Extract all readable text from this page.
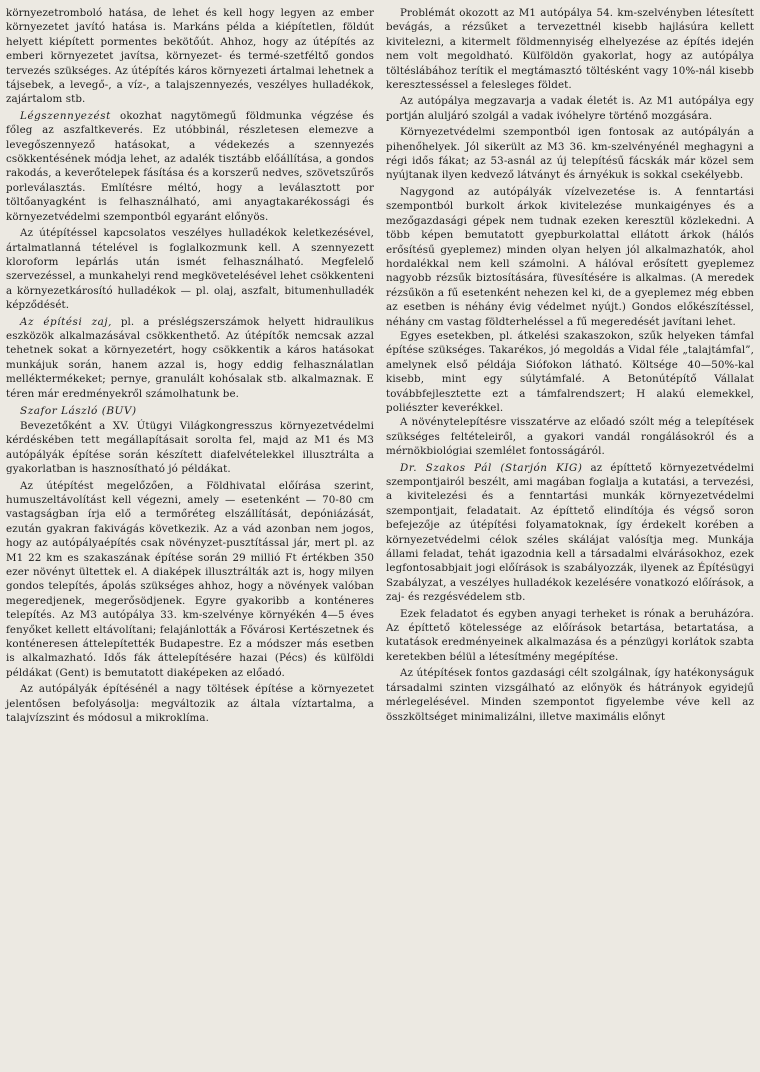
környezetromboló hatása, de lehet és kell hogy legyen az ember környezetet javító hatása is. Markáns példa a kiépítetlen, földút helyett kiépített pormentes bekötőút. Ahhoz, hogy az útépítés az emberi környezetet javítsa, környezet- és termé-szetféltő gondos tervezés szükséges. Az útépítés káros környezeti ártalmai lehetnek a tájsebek, a levegő-, a víz-, a talajszennyezés, veszélyes hulladékok, zajártalom stb.

Légszennyezést okozhat nagytömegű földmunka végzése és főleg az aszfaltkeverés. Ez utóbbinál, részletesen elemezve a levegőszennyező hatásokat, a védekezés a szennyezés csökkentésének módja lehet, az adalék tisztább előállítása, a gondos rakodás, a keverőtelepek fásítása és a korszerű nedves, szövetszűrős porleválasztás. Említésre méltó, hogy a leválasztott por töltőanyagként is felhasználható, ami anyagtakarékossági és környezetvédelmi szempontból egyaránt előnyös.

Az útépítéssel kapcsolatos veszélyes hulladékok keletkezésével, ártalmatlanná tételével is foglalkozmunk kell. A szennyezett kloroform lepárlás után ismét felhasználható. Megfelelő szervezéssel, a munkahelyi rend megkövetelésével lehet csökkenteni a környezetkárosító hulladékok — pl. olaj, aszfalt, bitumenhulladék képződését.

Az építési zaj, pl. a préslégszerszámok helyett hidraulikus eszközök alkalmazásával csökkenthető. Az útépítők nemcsak azzal tehetnek sokat a környezetért, hogy csökkentik a káros hatásokat munkájuk során, hanem azzal is, hogy eddig felhasználatlan melléktermékeket; pernye, granulált kohósalak stb. alkalmaznak. E téren már eredményekről számolhatunk be.

Szafor László (BUV)

Bevezetőként a XV. Útügyi Világkongresszus környezetvédelmi kérdéskében tett megállapításait sorolta fel, majd az M1 és M3 autópályák építése során készített diafelvételekkel illusztrálta a gyakorlatban is hasznosítható jó példákat.

Az útépítést megelőzően, a Földhivatal előírása szerint, humuszeltávolítást kell végezni, amely — esetenként — 70-80 cm vastagságban írja elő a termőréteg elszállítását, depóniázását, ezután gyakran fakivágás következik. Az a vád azonban nem jogos, hogy az autópályaépítés csak növényzet-pusztítással jár, mert pl. az M1 22 km es szakaszának építése során 29 millió Ft értékben 350 ezer növényt ültettek el. A diaképek illusztrálták azt is, hogy milyen gondos telepítés, ápolás szükséges ahhoz, hogy a növények valóban megeredjenek, megerősödjenek. Egyre gyakoribb a konténeres telepítés. Az M3 autópálya 33. km-szelvénye környékén 4—5 éves fenyőket kellett eltávolítani; felajánlották a Fővárosi Kertészetnek és konténeresen áttelepítették Budapestre. Ez a módszer más esetben is alkalmazható. Idős fák áttelepítésére hazai (Pécs) és külföldi példákat (Gent) is bemutatott diaképeken az előadó.

Az autópályák építésénél a nagy töltések építése a környezetet jelentősen befolyásolja: megváltozik az általa víztartalma, a talajvízszint és módosul a mikroklíma.

Problémát okozott az M1 autópálya 54. km-szelvényben létesített bevágás, a rézsűket a tervezettnél kisebb hajlásúra kellett kiviteleznі, a kitermelt földmennyiség elhelyezése az építés idején nem volt megoldható. Külföldön gyakorlat, hogy az autópálya töltéslábához terítik el megtámasztó töltésként vagy 10%-nál kisebb keresztesséssel a felesleges földet.

Az autópálya megzavarja a vadak életét is. Az M1 autópálya egy portján aluljáró szolgál a vadak ivóhelyre történő mozgására.

Környezetvédelmi szempontból igen fontosak az autópályán a pihenőhelyek. Jól sikerült az M3 36. km-szelvényénél meghagyni a régi idős fákat; az 53-asnál az új telepítésű fácskák már közel sem nyújtanak ilyen kedvező látványt és árnyékuk is sokkal csekélyebb.

Nagygond az autópályák vízelvezetése is. A fenntartási szempontból burkolt árkok kivitelezése munkaigényes és a mezőgazdasági gépek nem tudnak ezeken keresztül közlekedni. A több képen bemutatott gyepburkolattal ellátott árkok (hálós erősítésű gyeplemez) minden olyan helyen jól alkalmazhatók, ahol hordalékkal nem kell számolni. A hálóval erősített gyeplemez nagyobb rézsűk biztosítására, füvesítésére is alkalmas. (A meredek rézsűkön a fű esetenként nehezen kel ki, de a gyeplemez még ebben az esetben is néhány évig védelmet nyújt.) Gondos előkészítéssel, néhány cm vastag földterheléssel a fű megeredését javítani lehet.

Egyes esetekben, pl. átkelési szakaszokon, szűk helyeken támfal építése szükséges. Takarékos, jó megoldás a Vidal féle „talajtámfal”, amelynek első példája Siófokon látható. Költsége 40—50%-kal kisebb, mint egy súlytámfalé. A Betonútépítő Vállalat továbbfejlesztette ezt a támfalrendszert; H alakú elemekkel, poliészter keverékkel.

A növénytelepítésre visszatérve az előadó szólt még a telepítések szükséges feltételeiről, a gyakori vandál rongálásokról és a mérnökbiológiai szemlélet fontosságáról.

Dr. Szakos Pál (Starjón KIG) az építtető környezetvédelmi szempontjairól beszélt, ami magában foglalja a kutatási, a tervezési, a kivitelezési és a fenntartási munkák környezetvédelmi szempontjait, feladatait. Az építtető elindítója és végső soron befejezője az útépítési folyamatoknak, így érdekelt korében a környezetvédelmi célok széles skálájat valósítja meg. Munkája állami feladat, tehát igazodnia kell a társadalmi elvárásokhoz, ezek legfontosabbjait jogi előírások is szabályozzák, ilyenek az Építésügyi Szabályzat, a veszélyes hulladékok kezelésére vonatkozó előírások, a zaj- és rezgésvédelem stb.

Ezek feladatot és egyben anyagi terheket is rónak a beruházóra. Az építtető kötelessége az előírások betartása, betartatása, a kutatások eredményeinek alkalmazása és a pénzügyi korlátok szabta keretekben bélül a létesítmény megépítése.

Az útépítések fontos gazdasági célt szolgálnak, így hatékonyságuk társadalmi szinten vizsgálható az előnyök és hátrányok egyidejű mérlegelésével. Minden szempontot figyelembe véve kell az összköltséget minimalizálni, illetve maximális előnyt
